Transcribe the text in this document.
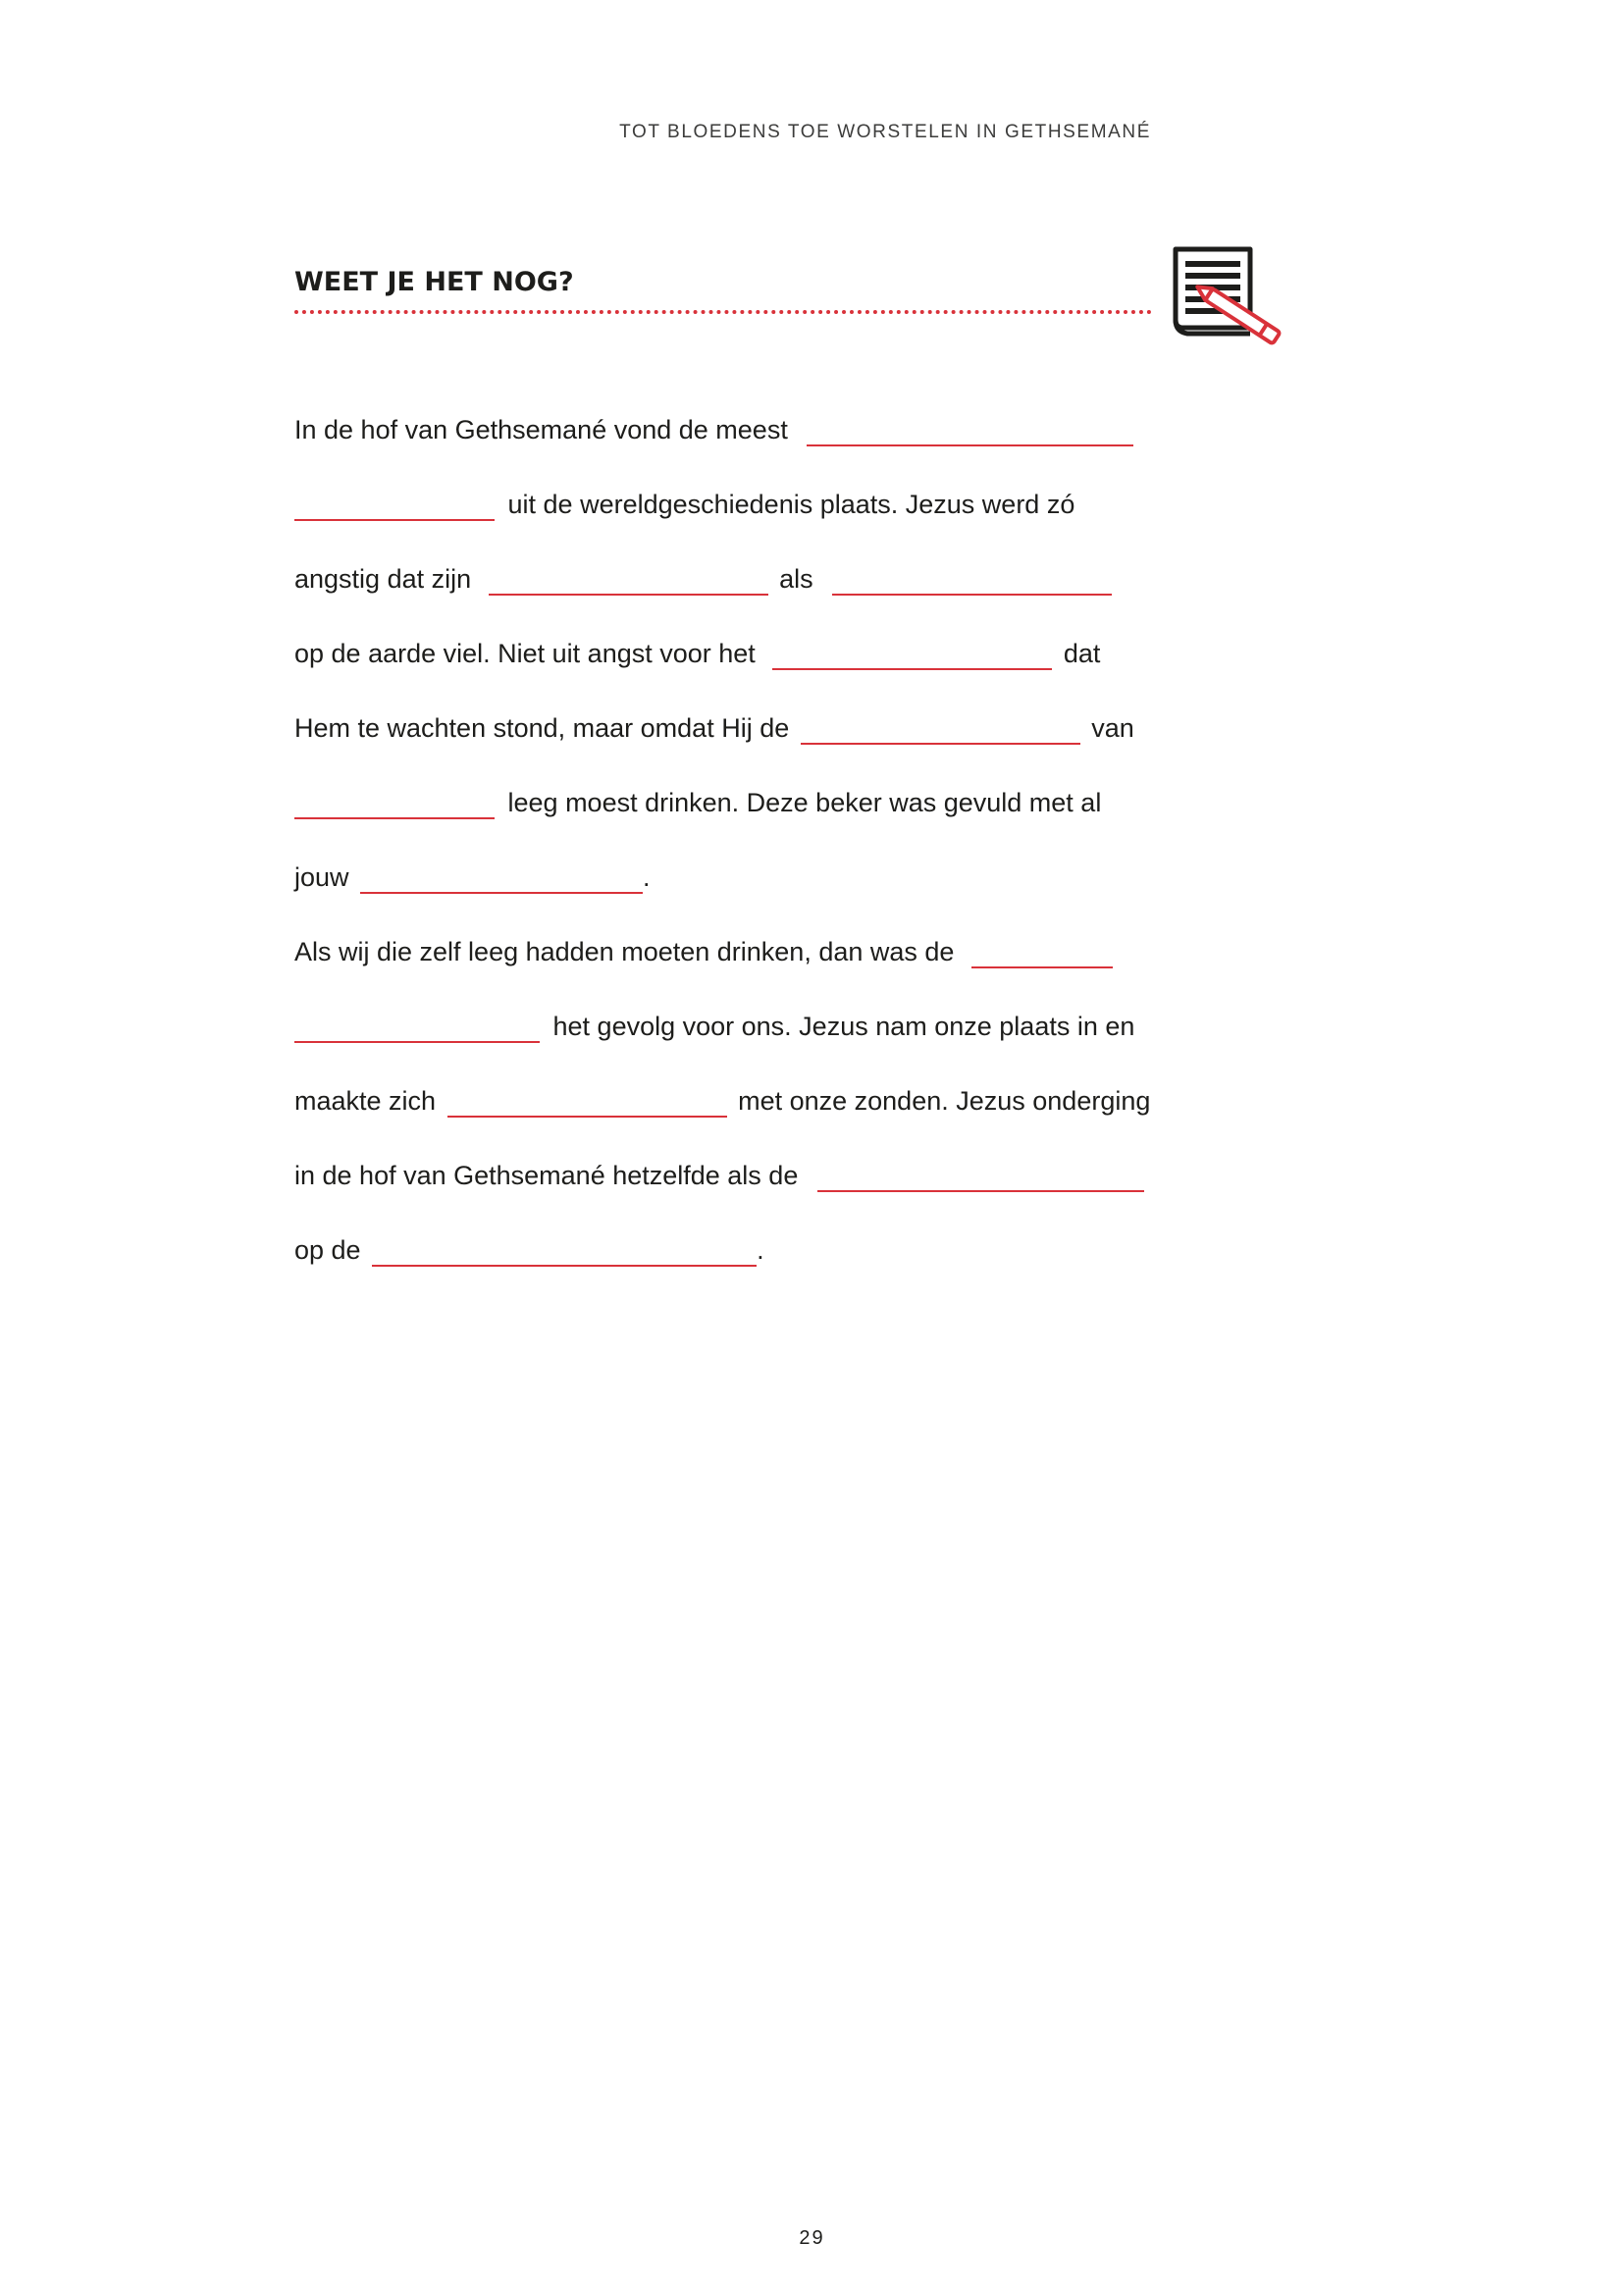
TOT BLOEDENS TOE WORSTELEN IN GETHSEMANÉ
WEET JE HET NOG?
In de hof van Gethsemané vond de meest
uit de wereldgeschiedenis plaats. Jezus werd zó
angstig dat zijn	als
op de aarde viel. Niet uit angst voor het	dat
Hem te wachten stond, maar omdat Hij de	van
leeg moest drinken. Deze beker was gevuld met al
jouw	.
Als wij die zelf leeg hadden moeten drinken, dan was de
het gevolg voor ons. Jezus nam onze plaats in en
maakte zich	met onze zonden. Jezus onderging
in de hof van Gethsemané hetzelfde als de
op de	.
29
